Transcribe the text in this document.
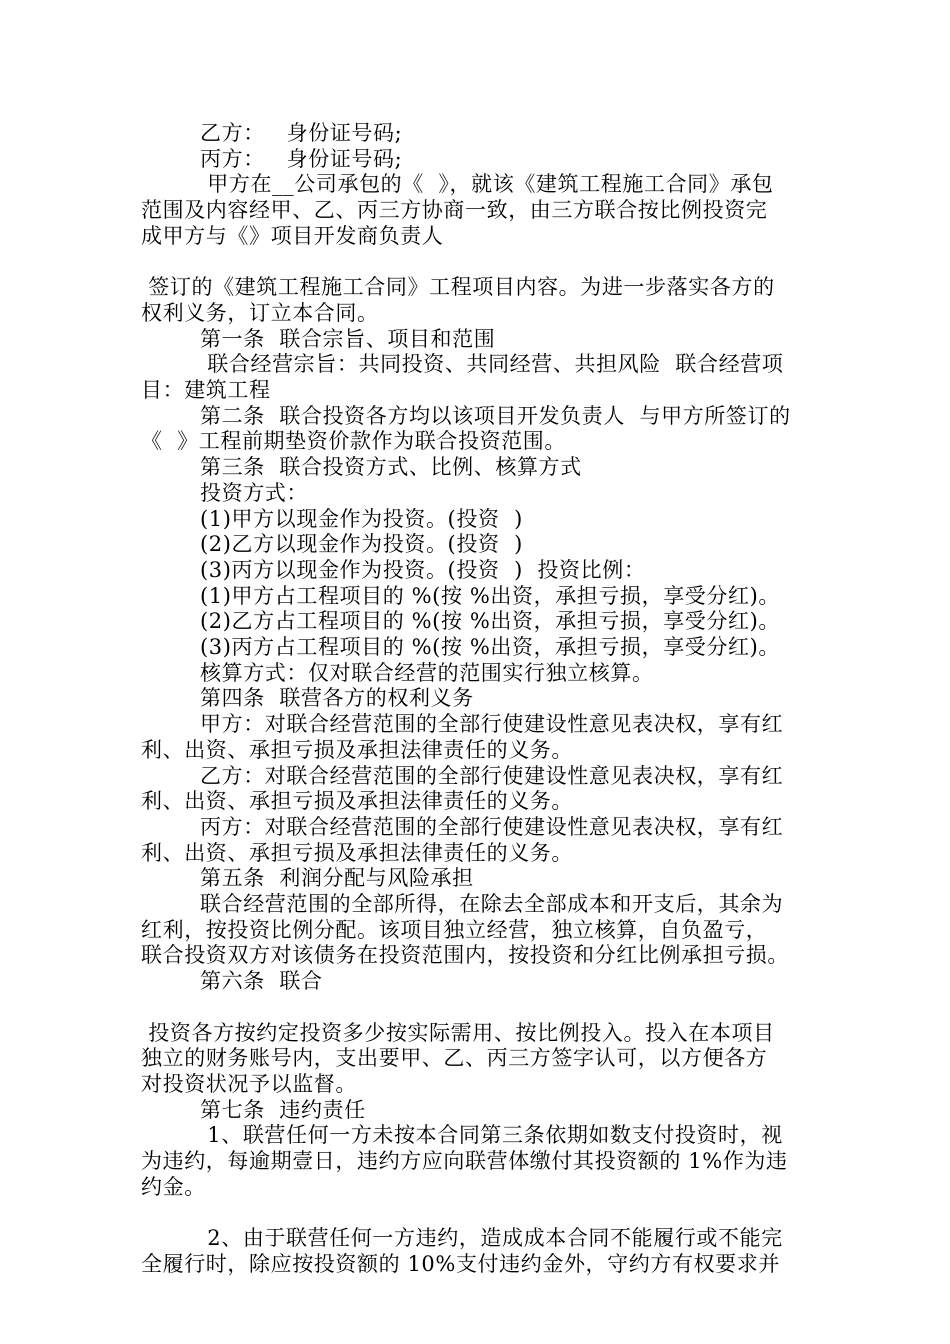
乙方：   身份证号码;
丙方：   身份证号码;
甲方在__公司承包的《  》，就该《建筑工程施工合同》承包
范围及内容经甲、乙、丙三方协商一致，由三方联合按比例投资完
成甲方与《》项目开发商负责人
签订的《建筑工程施工合同》工程项目内容。为进一步落实各方的
权利义务，订立本合同。
第一条  联合宗旨、项目和范围
联合经营宗旨：共同投资、共同经营、共担风险  联合经营项
目：建筑工程
第二条  联合投资各方均以该项目开发负责人  与甲方所签订的
《  》工程前期垫资价款作为联合投资范围。
第三条  联合投资方式、比例、核算方式
投资方式：
(1)甲方以现金作为投资。(投资  )
(2)乙方以现金作为投资。(投资  )
(3)丙方以现金作为投资。(投资  )  投资比例：
(1)甲方占工程项目的 %(按 %出资，承担亏损，享受分红)。
(2)乙方占工程项目的 %(按 %出资，承担亏损，享受分红)。
(3)丙方占工程项目的 %(按 %出资，承担亏损，享受分红)。
核算方式：仅对联合经营的范围实行独立核算。
第四条  联营各方的权利义务
甲方：对联合经营范围的全部行使建设性意见表决权，享有红
利、出资、承担亏损及承担法律责任的义务。
乙方：对联合经营范围的全部行使建设性意见表决权，享有红
利、出资、承担亏损及承担法律责任的义务。
丙方：对联合经营范围的全部行使建设性意见表决权，享有红
利、出资、承担亏损及承担法律责任的义务。
第五条  利润分配与风险承担
联合经营范围的全部所得，在除去全部成本和开支后，其余为
红利，按投资比例分配。该项目独立经营，独立核算，自负盈亏，
联合投资双方对该债务在投资范围内，按投资和分红比例承担亏损。
第六条  联合
投资各方按约定投资多少按实际需用、按比例投入。投入在本项目
独立的财务账号内，支出要甲、乙、丙三方签字认可，以方便各方
对投资状况予以监督。
第七条  违约责任
1、联营任何一方未按本合同第三条依期如数支付投资时，视
为违约，每逾期壹日，违约方应向联营体缴付其投资额的 1%作为违
约金。
2、由于联营任何一方违约，造成成本合同不能履行或不能完
全履行时，除应按投资额的 10%支付违约金外，守约方有权要求并
